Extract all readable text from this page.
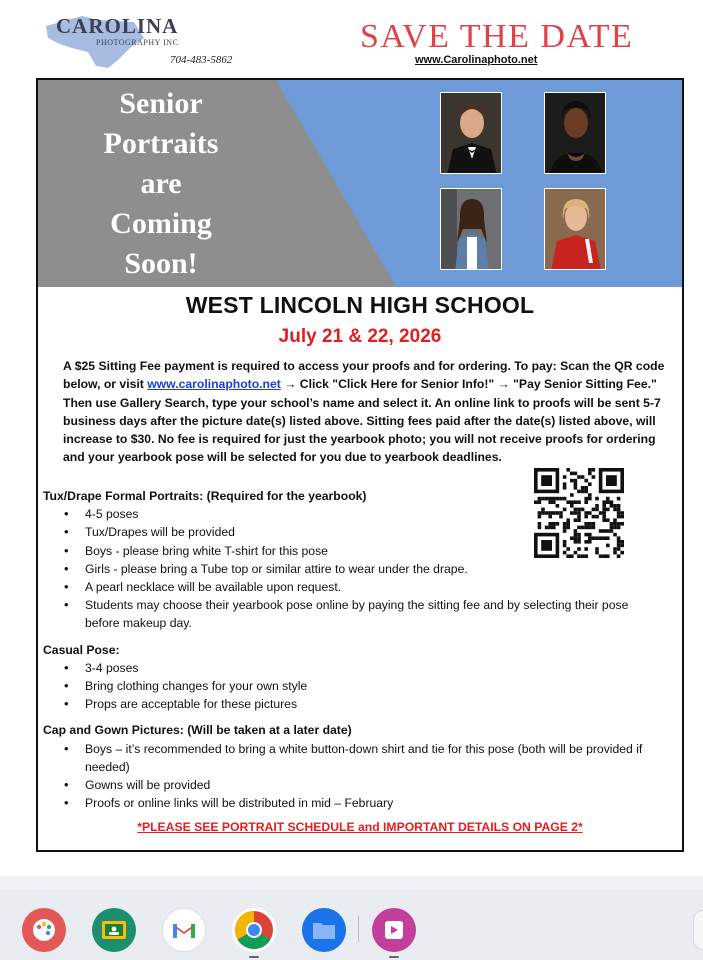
CAROLINA
PHOTOGRAPHY INC
704-483-5862
SAVE THE DATE
www.Carolinaphoto.net
Senior
Portraits
are
Coming
Soon!
WEST LINCOLN HIGH SCHOOL
July 21 & 22, 2026
A $25 Sitting Fee payment is required to access your proofs and for ordering. To pay: Scan the QR code below, or visit www.carolinaphoto.net → Click "Click Here for Senior Info!" → "Pay Senior Sitting Fee." Then use Gallery Search, type your school’s name and select it. An online link to proofs will be sent 5-7 business days after the picture date(s) listed above. Sitting fees paid after the date(s) listed above, will increase to $30. No fee is required for just the yearbook photo; you will not receive proofs for ordering and your yearbook pose will be selected for you due to yearbook deadlines.
Tux/Drape Formal Portraits: (Required for the yearbook)
• 4-5 poses
• Tux/Drapes will be provided
• Boys - please bring white T-shirt for this pose
• Girls - please bring a Tube top or similar attire to wear under the drape.
• A pearl necklace will be available upon request.
• Students may choose their yearbook pose online by paying the sitting fee and by selecting their pose before makeup day.
Casual Pose:
• 3-4 poses
• Bring clothing changes for your own style
• Props are acceptable for these pictures
Cap and Gown Pictures: (Will be taken at a later date)
• Boys – it’s recommended to bring a white button-down shirt and tie for this pose (both will be provided if needed)
• Gowns will be provided
• Proofs or online links will be distributed in mid – February
*PLEASE SEE PORTRAIT SCHEDULE and IMPORTANT DETAILS ON PAGE 2*
